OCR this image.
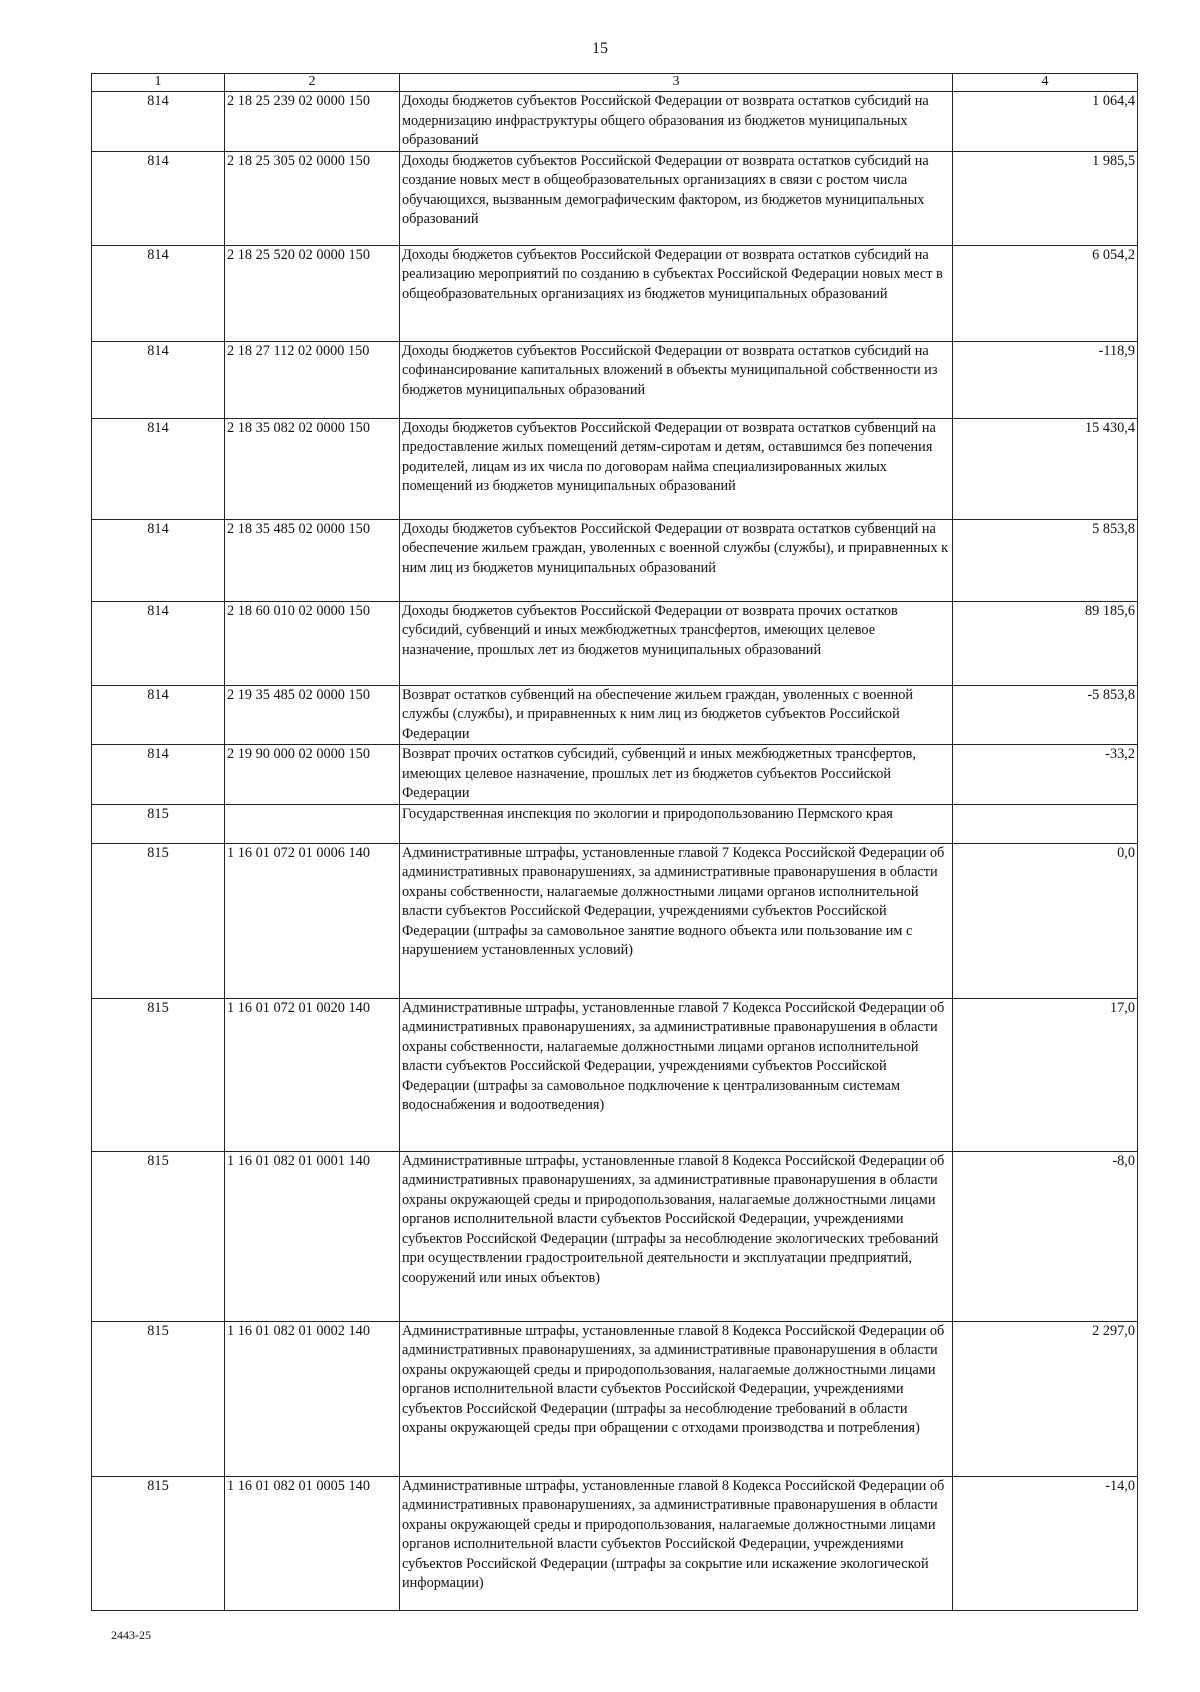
15
1	2	3	4
814	2 18 25 239 02 0000 150	Доходы бюджетов субъектов Российской Федерации от возврата остатков субсидий на модернизацию инфраструктуры общего образования из бюджетов муниципальных образований	1 064,4
814	2 18 25 305 02 0000 150	Доходы бюджетов субъектов Российской Федерации от возврата остатков субсидий на создание новых мест в общеобразовательных организациях в связи с ростом числа обучающихся, вызванным демографическим фактором, из бюджетов муниципальных образований	1 985,5
814	2 18 25 520 02 0000 150	Доходы бюджетов субъектов Российской Федерации от возврата остатков субсидий на реализацию мероприятий по созданию в субъектах Российской Федерации новых мест в общеобразовательных организациях из бюджетов муниципальных образований	6 054,2
814	2 18 27 112 02 0000 150	Доходы бюджетов субъектов Российской Федерации от возврата остатков субсидий на софинансирование капитальных вложений в объекты муниципальной собственности из бюджетов муниципальных образований	-118,9
814	2 18 35 082 02 0000 150	Доходы бюджетов субъектов Российской Федерации от возврата остатков субвенций на предоставление жилых помещений детям-сиротам и детям, оставшимся без попечения родителей, лицам из их числа по договорам найма специализированных жилых помещений из бюджетов муниципальных образований	15 430,4
814	2 18 35 485 02 0000 150	Доходы бюджетов субъектов Российской Федерации от возврата остатков субвенций на обеспечение жильем граждан, уволенных с военной службы (службы), и приравненных к ним лиц из бюджетов муниципальных образований	5 853,8
814	2 18 60 010 02 0000 150	Доходы бюджетов субъектов Российской Федерации от возврата прочих остатков субсидий, субвенций и иных межбюджетных трансфертов, имеющих целевое назначение, прошлых лет из бюджетов муниципальных образований	89 185,6
814	2 19 35 485 02 0000 150	Возврат остатков субвенций на обеспечение жильем граждан, уволенных с военной службы (службы), и приравненных к ним лиц из бюджетов субъектов Российской Федерации	-5 853,8
814	2 19 90 000 02 0000 150	Возврат прочих остатков субсидий, субвенций и иных межбюджетных трансфертов, имеющих целевое назначение, прошлых лет из бюджетов субъектов Российской Федерации	-33,2
815		Государственная инспекция по экологии и природопользованию Пермского края	
815	1 16 01 072 01 0006 140	Административные штрафы, установленные главой 7 Кодекса Российской Федерации об административных правонарушениях, за административные правонарушения в области охраны собственности, налагаемые должностными лицами органов исполнительной власти субъектов Российской Федерации, учреждениями субъектов Российской Федерации (штрафы за самовольное занятие водного объекта или пользование им с нарушением установленных условий)	0,0
815	1 16 01 072 01 0020 140	Административные штрафы, установленные главой 7 Кодекса Российской Федерации об административных правонарушениях, за административные правонарушения в области охраны собственности, налагаемые должностными лицами органов исполнительной власти субъектов Российской Федерации, учреждениями субъектов Российской Федерации (штрафы за самовольное подключение к централизованным системам водоснабжения и водоотведения)	17,0
815	1 16 01 082 01 0001 140	Административные штрафы, установленные главой 8 Кодекса Российской Федерации об административных правонарушениях, за административные правонарушения в области охраны окружающей среды и природопользования, налагаемые должностными лицами органов исполнительной власти субъектов Российской Федерации, учреждениями субъектов Российской Федерации (штрафы за несоблюдение экологических требований при осуществлении градостроительной деятельности и эксплуатации предприятий, сооружений или иных объектов)	-8,0
815	1 16 01 082 01 0002 140	Административные штрафы, установленные главой 8 Кодекса Российской Федерации об административных правонарушениях, за административные правонарушения в области охраны окружающей среды и природопользования, налагаемые должностными лицами органов исполнительной власти субъектов Российской Федерации, учреждениями субъектов Российской Федерации (штрафы за несоблюдение требований в области охраны окружающей среды при обращении с отходами производства и потребления)	2 297,0
815	1 16 01 082 01 0005 140	Административные штрафы, установленные главой 8 Кодекса Российской Федерации об административных правонарушениях, за административные правонарушения в области охраны окружающей среды и природопользования, налагаемые должностными лицами органов исполнительной власти субъектов Российской Федерации, учреждениями субъектов Российской Федерации (штрафы за сокрытие или искажение экологической информации)	-14,0
2443-25
